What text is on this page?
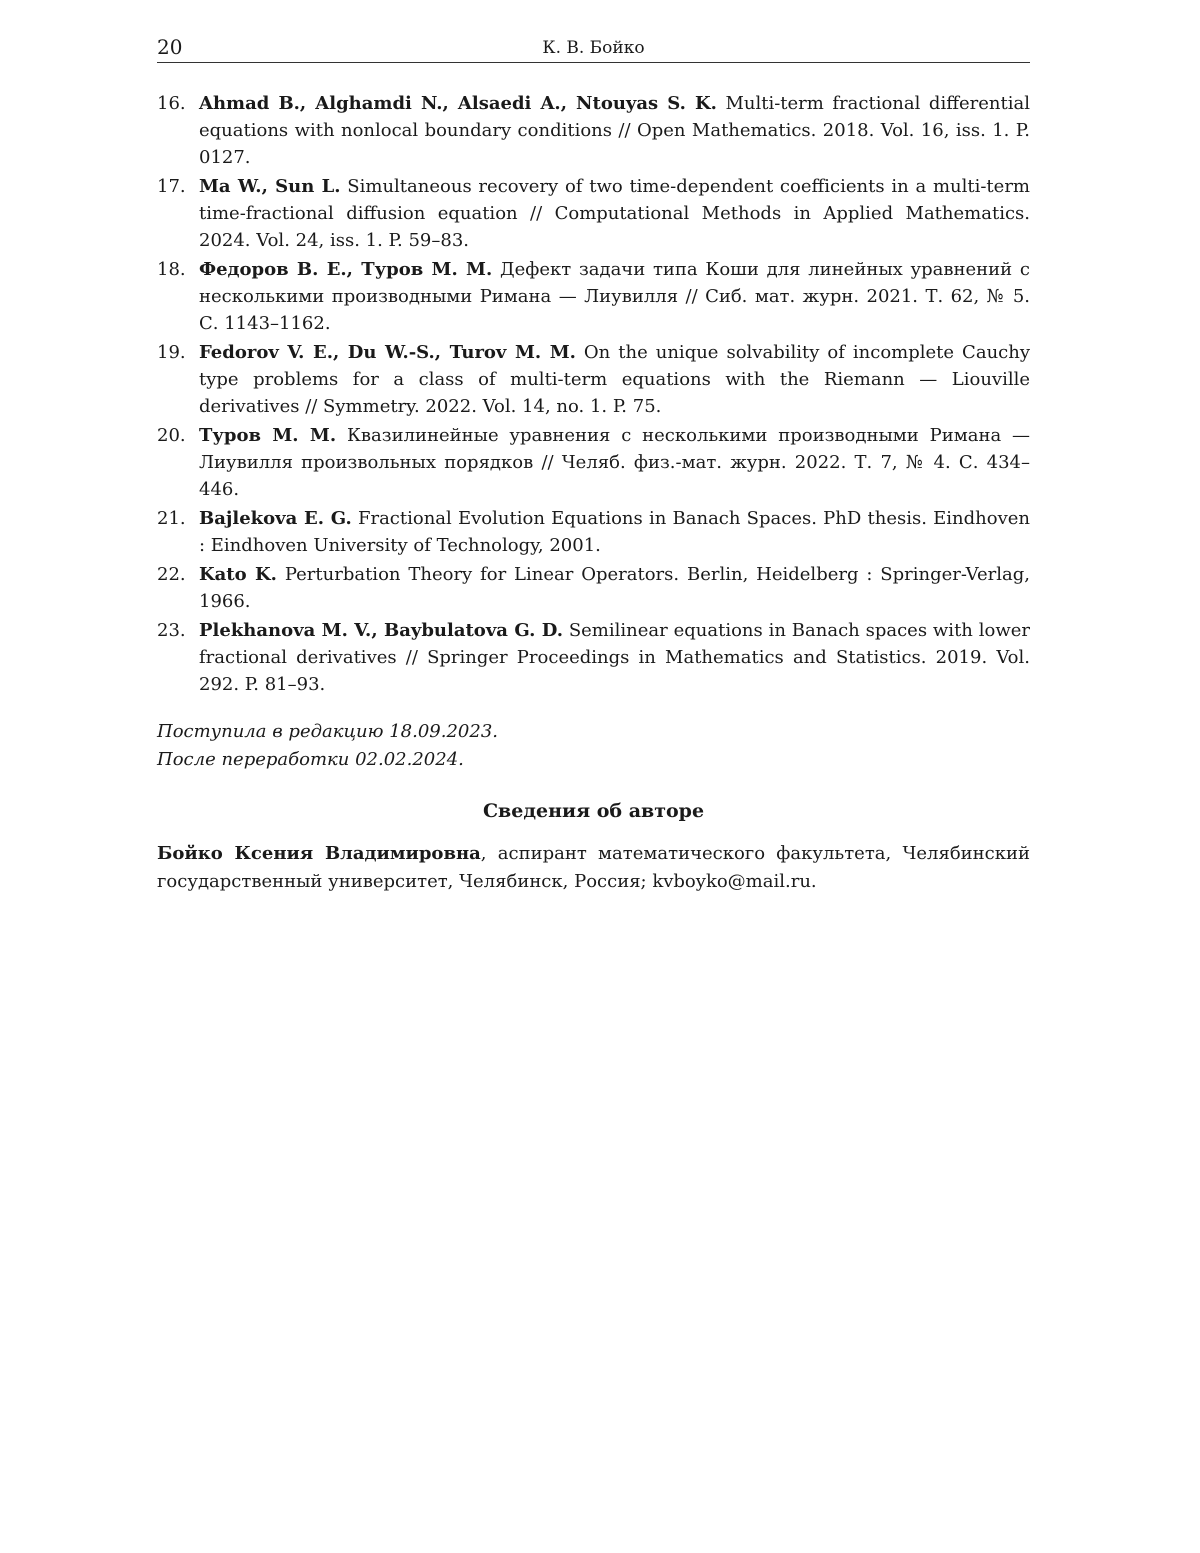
20	К. В. Бойко
16. Ahmad B., Alghamdi N., Alsaedi A., Ntouyas S. K. Multi-term fractional differential equations with nonlocal boundary conditions // Open Mathematics. 2018. Vol. 16, iss. 1. P. 0127.
17. Ma W., Sun L. Simultaneous recovery of two time-dependent coefficients in a multi-term time-fractional diffusion equation // Computational Methods in Applied Mathematics. 2024. Vol. 24, iss. 1. P. 59–83.
18. Федоров В. Е., Туров М. М. Дефект задачи типа Коши для линейных уравнений с несколькими производными Римана — Лиувилля // Сиб. мат. журн. 2021. Т. 62, № 5. С. 1143–1162.
19. Fedorov V. E., Du W.-S., Turov M. M. On the unique solvability of incomplete Cauchy type problems for a class of multi-term equations with the Riemann — Liouville derivatives // Symmetry. 2022. Vol. 14, no. 1. P. 75.
20. Туров М. М. Квазилинейные уравнения с несколькими производными Римана — Лиувилля произвольных порядков // Челяб. физ.-мат. журн. 2022. Т. 7, № 4. С. 434–446.
21. Bajlekova E. G. Fractional Evolution Equations in Banach Spaces. PhD thesis. Eindhoven : Eindhoven University of Technology, 2001.
22. Kato K. Perturbation Theory for Linear Operators. Berlin, Heidelberg : Springer-Verlag, 1966.
23. Plekhanova M. V., Baybulatova G. D. Semilinear equations in Banach spaces with lower fractional derivatives // Springer Proceedings in Mathematics and Statistics. 2019. Vol. 292. P. 81–93.
Поступила в редакцию 18.09.2023.
После переработки 02.02.2024.
Сведения об авторе
Бойко Ксения Владимировна, аспирант математического факультета, Челябинский государственный университет, Челябинск, Россия; kvboyko@mail.ru.
